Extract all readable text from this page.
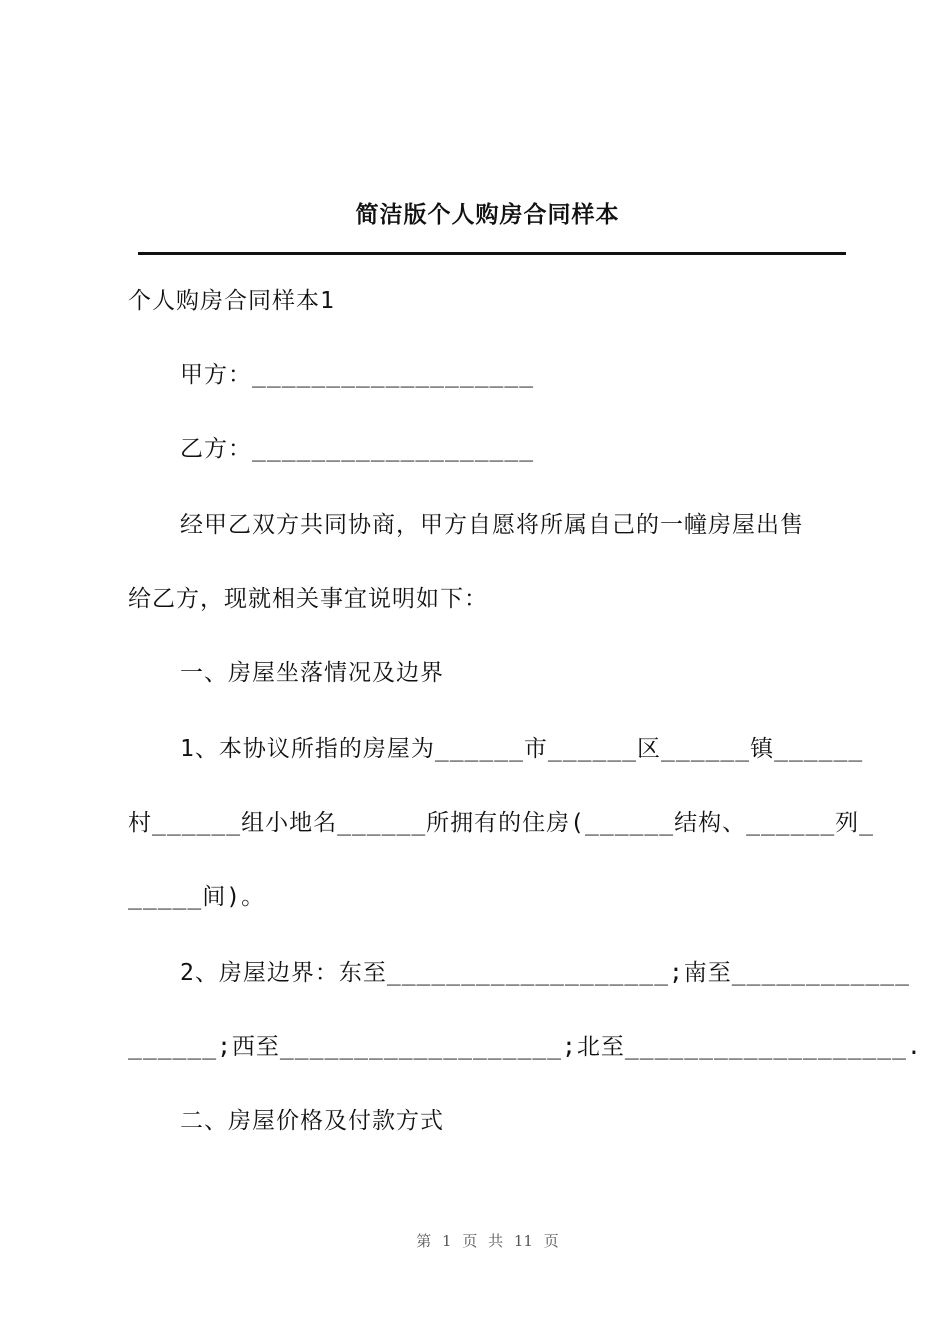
简洁版个人购房合同样本
个人购房合同样本1
甲方：___________________
乙方：___________________
经甲乙双方共同协商，甲方自愿将所属自己的一幢房屋出售
给乙方，现就相关事宜说明如下：
一、房屋坐落情况及边界
1、本协议所指的房屋为______市______区______镇______
村______组小地名______所拥有的住房(______结构、______列_
_____间)。
2、房屋边界：东至___________________;南至____________
______;西至___________________;北至___________________.
二、房屋价格及付款方式
第 1 页 共 11 页
